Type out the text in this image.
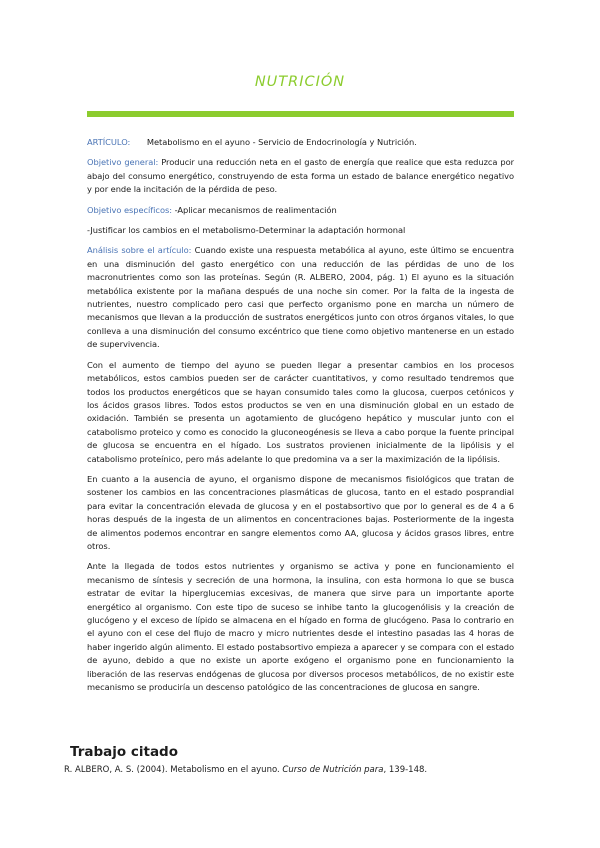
NUTRICIÓN

ARTÍCULO: Metabolismo en el ayuno - Servicio de Endocrinología y Nutrición.

Objetivo general: Producir una reducción neta en el gasto de energía que realice que esta reduzca por abajo del consumo energético, construyendo de esta forma un estado de balance energético negativo y por ende la incitación de la pérdida de peso.

Objetivo específicos: -Aplicar mecanismos de realimentación

-Justificar los cambios en el metabolismo-Determinar la adaptación hormonal

Análisis sobre el artículo: Cuando existe una respuesta metabólica al ayuno, este último se encuentra en una disminución del gasto energético con una reducción de las pérdidas de uno de los macronutrientes como son las proteínas. Según (R. ALBERO, 2004, pág. 1) El ayuno es la situación metabólica existente por la mañana después de una noche sin comer. Por la falta de la ingesta de nutrientes, nuestro complicado pero casi que perfecto organismo pone en marcha un número de mecanismos que llevan a la producción de sustratos energéticos junto con otros órganos vitales, lo que conlleva a una disminución del consumo excéntrico que tiene como objetivo mantenerse en un estado de supervivencia.

Con el aumento de tiempo del ayuno se pueden llegar a presentar cambios en los procesos metabólicos, estos cambios pueden ser de carácter cuantitativos, y como resultado tendremos que todos los productos energéticos que se hayan consumido tales como la glucosa, cuerpos cetónicos y los ácidos grasos libres. Todos estos productos se ven en una disminución global en un estado de oxidación. También se presenta un agotamiento de glucógeno hepático y muscular junto con el catabolismo proteico y como es conocido la gluconeogénesis se lleva a cabo porque la fuente principal de glucosa se encuentra en el hígado. Los sustratos provienen inicialmente de la lipólisis y el catabolismo proteínico, pero más adelante lo que predomina va a ser la maximización de la lipólisis.

En cuanto a la ausencia de ayuno, el organismo dispone de mecanismos fisiológicos que tratan de sostener los cambios en las concentraciones plasmáticas de glucosa, tanto en el estado posprandial para evitar la concentración elevada de glucosa y en el postabsortivo que por lo general es de 4 a 6 horas después de la ingesta de un alimentos en concentraciones bajas. Posteriormente de la ingesta de alimentos podemos encontrar en sangre elementos como AA, glucosa y ácidos grasos libres, entre otros.

Ante la llegada de todos estos nutrientes y organismo se activa y pone en funcionamiento el mecanismo de síntesis y secreción de una hormona, la insulina, con esta hormona lo que se busca estratar de evitar la hiperglucemias excesivas, de manera que sirve para un importante aporte energético al organismo. Con este tipo de suceso se inhibe tanto la glucogenólisis y la creación de glucógeno y el exceso de lípido se almacena en el hígado en forma de glucógeno. Pasa lo contrario en el ayuno con el cese del flujo de macro y micro nutrientes desde el intestino pasadas las 4 horas de haber ingerido algún alimento. El estado postabsortivo empieza a aparecer y se compara con el estado de ayuno, debido a que no existe un aporte exógeno el organismo pone en funcionamiento la liberación de las reservas endógenas de glucosa por diversos procesos metabólicos, de no existir este mecanismo se produciría un descenso patológico de las concentraciones de glucosa en sangre.

Trabajo citado

R. ALBERO, A. S. (2004). Metabolismo en el ayuno. Curso de Nutrición para, 139-148.
